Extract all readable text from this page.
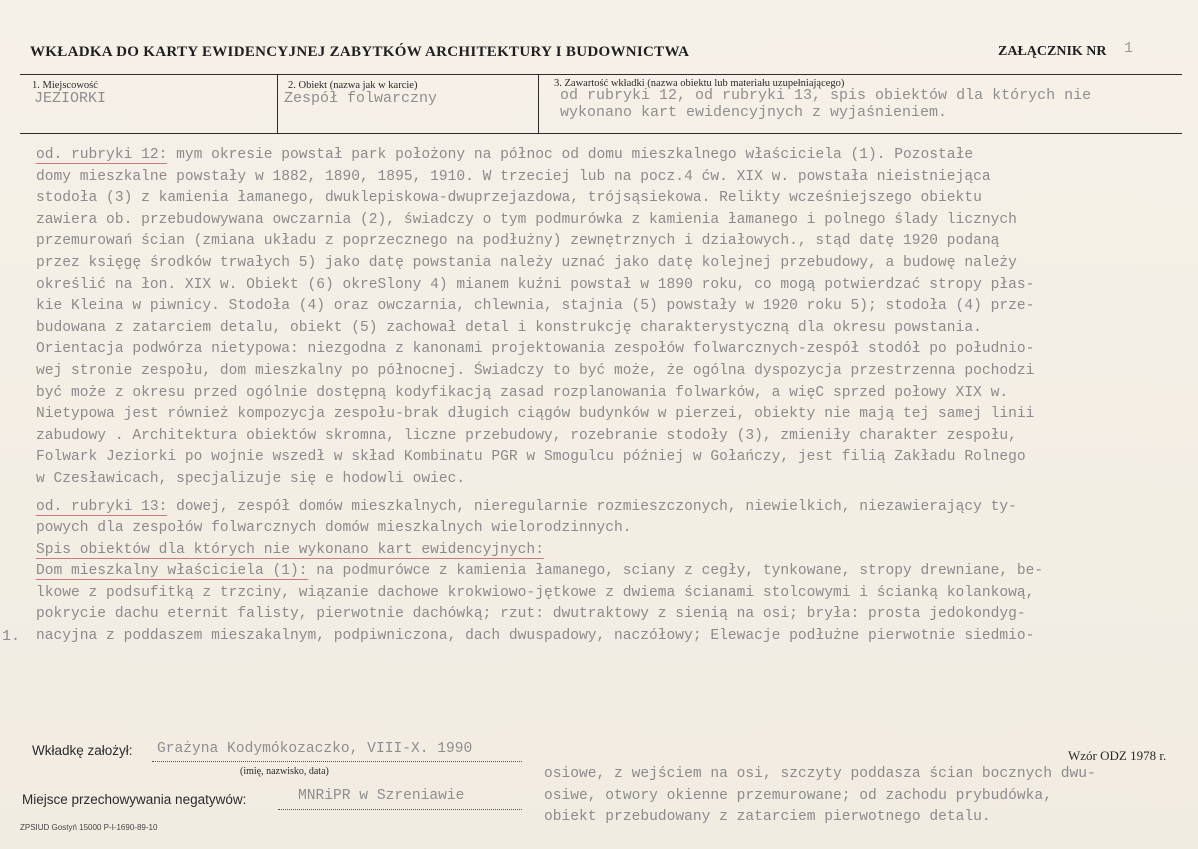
WKŁADKA DO KARTY EWIDENCYJNEJ ZABYTKÓW ARCHITEKTURY I BUDOWNICTWA	ZAŁĄCZNIK NR 1
1. Miejscowość
JEZIORKI
2. Obiekt (nazwa jak w karcie)
Zespół folwarczny
3. Zawartość wkładki (nazwa obiektu lub materiału uzupełniającego)
od rubryki 12, od rubryki 13, spis obiektów dla których nie
wykonano kart ewidencyjnych z wyjaśnieniem.
od. rubryki 12: mym okresie powstał park położony na północ od domu mieszkalnego właściciela (1). Pozostałe
domy mieszkalne powstały w 1882, 1890, 1895, 1910. W trzeciej lub na pocz.4 ćw. XIX w. powstała nieistniejąca
stodoła (3) z kamienia łamanego, dwuklepiskowa-dwuprzejazdowa, trójsąsiekowa. Relikty wcześniejszego obiektu
zawiera ob. przebudowywana owczarnia (2), świadczy o tym podmurówka z kamienia łamanego i polnego ślady licznych
przemurowań ścian (zmiana układu z poprzecznego na podłużny) zewnętrznych i działowych., stąd datę 1920 podaną
przez księgę środków trwałych 5) jako datę powstania należy uznać jako datę kolejnej przebudowy, a budowę należy
określić na łon. XIX w. Obiekt (6) okreSlony 4) mianem kuźni powstał w 1890 roku, co mogą potwierdzać stropy płas-
kie Kleina w piwnicy. Stodoła (4) oraz owczarnia, chlewnia, stajnia (5) powstały w 1920 roku 5); stodoła (4) prze-
budowana z zatarciem detalu, obiekt (5) zachował detal i konstrukcję charakterystyczną dla okresu powstania.
Orientacja podwórza nietypowa: niezgodna z kanonami projektowania zespołów folwarcznych-zespół stodół po południo-
wej stronie zespołu, dom mieszkalny po północnej. Świadczy to być może, że ogólna dyspozycja przestrzenna pochodzi
być może z okresu przed ogólnie dostępną kodyfikacją zasad rozplanowania folwarków, a więC sprzed połowy XIX w.
Nietypowa jest również kompozycja zespołu-brak długich ciągów budynków w pierzei, obiekty nie mają tej samej linii
zabudowy . Architektura obiektów skromna, liczne przebudowy, rozebranie stodoły (3), zmieniły charakter zespołu,
Folwark Jeziorki po wojnie wszedł w skład Kombinatu PGR w Smogulcu później w Gołańczy, jest filią Zakładu Rolnego
w Czesławicach, specjalizuje się e hodowli owiec.
od. rubryki 13: dowej, zespół domów mieszkalnych, nieregularnie rozmieszczonych, niewielkich, niezawierający ty-
powych dla zespołów folwarcznych domów mieszkalnych wielorodzinnych.
Spis obiektów dla których nie wykonano kart ewidencyjnych:
Dom mieszkalny właściciela (1): na podmurówce z kamienia łamanego, sciany z cegły, tynkowane, stropy drewniane, be-
lkowe z podsufitką z trzciny, wiązanie dachowe krokwiowo-jętkowe z dwiema ścianami stolcowymi i ścianką kolankową,
pokrycie dachu eternit falisty, pierwotnie dachówką; rzut: dwutraktowy z sienią na osi; bryła: prosta jedokondyg-
nacyjna z poddaszem mieszakalnym, podpiwniczona, dach dwuspadowy, naczółowy; Elewacje podłużne pierwotnie siedmio-
1.
osiowe, z wejściem na osi, szczyty poddasza ścian bocznych dwu-
osiwe, otwory okienne przemurowane; od zachodu prybudówka,
obiekt przebudowany z zatarciem pierwotnego detalu.
Wkładkę założył: Grażyna Kodymókozaczko, VIII-X. 1990
(imię, nazwisko, data)
Miejsce przechowywania negatywów:	MNRiPR w Szreniawie
Wzór ODZ 1978 r.
ZPSIUD Gostyń 15000 P-I-1690-89-10
